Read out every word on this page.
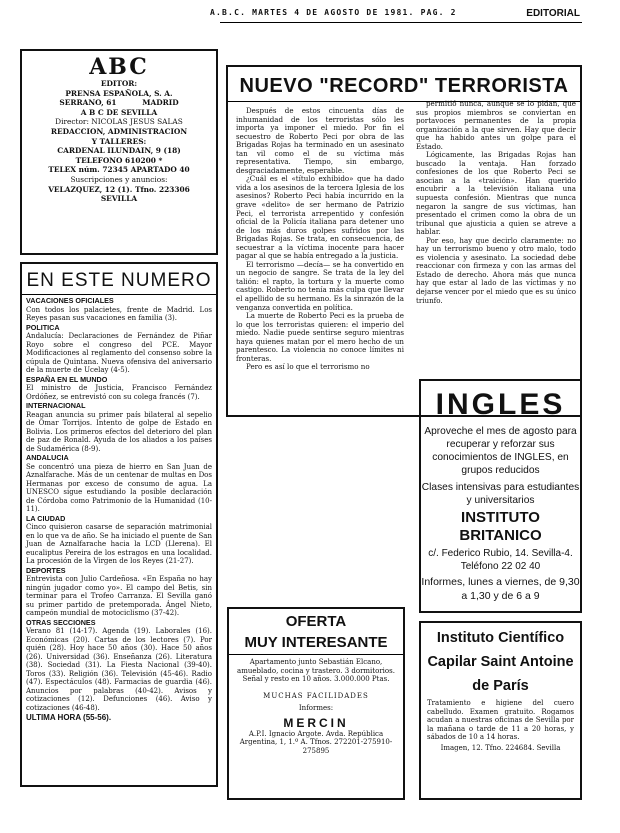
A.B.C. MARTES 4 DE AGOSTO DE 1981. PAG. 2	EDITORIAL
ABC
EDITOR:
PRENSA ESPAÑOLA, S. A.
SERRANO, 61          MADRID
A B C DE SEVILLA
Director: NICOLAS JESUS SALAS
REDACCION, ADMINISTRACION
Y TALLERES:
CARDENAL ILUNDAIN, 9 (18)
TELEFONO 610200 *
TELEX núm. 72345 APARTADO 40
Suscripciones y anuncios:
VELAZQUEZ, 12 (1). Tfno. 223306
SEVILLA
EN ESTE NUMERO
VACACIONES OFICIALES
Con todos los palacietes, frente de Madrid. Los Reyes pasan sus vacaciones en familia (3).
POLITICA
Andalucía: Declaraciones de Fernández de Piñar Royo sobre el congreso del PCE. Mayor Modificaciones al reglamento del consenso sobre la cúpula de Quintana. Nueva ofensiva del aniversario de la muerte de Ucelay (4-5).
ESPAÑA EN EL MUNDO
El ministro de Justicia, Francisco Fernández Ordóñez, se entrevistó con su colega francés (7).
INTERNACIONAL
Reagan anuncia su primer país bilateral al sepelio de Omar Torrijos. Intento de golpe de Estado en Bolivia. Los primeros efectos del deterioro del plan de paz de Ronald. Ayuda de los aliados a los países de Sudamérica (8-9).
ANDALUCIA
Se concentró una pieza de hierro en San Juan de Aznalfarache. Más de un centenar de multas en Dos Hermanas por exceso de consumo de agua. La UNESCO sigue estudiando la posible declaración de Córdoba como Patrimonio de la Humanidad (10-11).
LA CIUDAD
Cinco quisieron casarse de separación matrimonial en lo que va de año. Se ha iniciado el puente de San Juan de Aznalfarache hacia la LCD (Llerena). El eucaliptus Pereira de los estragos en una localidad. La procesión de la Virgen de los Reyes (21-27).
DEPORTES
Entrevista con Julio Cardeñosa. «En España no hay ningún jugador como yo». El campo del Betis, sin terminar para el Trofeo Carranza. El Sevilla ganó su primer partido de pretemporada. Ángel Nieto, campeón mundial de motociclismo (37-42).
OTRAS SECCIONES
Verano 81 (14-17). Agenda (19). Laborales (16). Económicas (20). Cartas de los lectores (7). Por quién (28). Hoy hace 50 años (30). Hace 50 años (26). Universidad (36). Enseñanza (26). Literatura (38). Sociedad (31). La Fiesta Nacional (39-40). Toros (33). Religión (36). Televisión (45-46). Radio (47). Espectáculos (48). Farmacias de guardia (46). Anuncios por palabras (40-42). Avisos y cotizaciones (12). Defunciones (46). Aviso y cotizaciones (46-48).
ULTIMA HORA (55-56).
NUEVO "RECORD" TERRORISTA

Después de estos cincuenta días de inhumanidad de los terroristas sólo les importa ya imponer el miedo. Por fin el secuestro de Roberto Peci por obra de las Brigadas Rojas ha terminado en un asesinato tan vil como el de su víctima más representativa. Tiempo, sin embargo, desgraciadamente, esperable.

¿Cuál es el «título exhibido» que ha dado vida a los asesinos de la tercera Iglesia de los asesinos? Roberto Peci había incurrido en la grave «delito» de ser hermano de Patrizio Peci, el terrorista arrepentido y confesión oficial de la Policía italiana para detener uno de los más duros golpes sufridos por las Brigadas Rojas. Se trata, en consecuencia, de secuestrar a la víctima inocente para hacer pagar al que se había entregado a la justicia.

El terrorismo —decía— se ha convertido en un negocio de sangre. Se trata de la ley del talión: el rapto, la tortura y la muerte como castigo. Roberto no tenía más culpa que llevar el apellido de su hermano. Es la sinrazón de la venganza convertida en política.

La muerte de Roberto Peci es la prueba de lo que los terroristas quieren: el imperio del miedo. Nadie puede sentirse seguro mientras haya quienes matan por el mero hecho de un parentesco. La violencia no conoce límites ni fronteras.

Pero es así lo que el terrorismo no

permitió nunca, aunque se lo pidan, que sus propios miembros se conviertan en portavoces permanentes de la propia organización a la que sirven. Hay que decir que ha habido antes un golpe para el Estado.

Lógicamente, las Brigadas Rojas han buscado la ventaja. Han forzado confesiones de los que Roberto Peci se asocian a la «traición». Han querido encubrir a la televisión italiana una supuesta confesión. Mientras que nunca negaron la sangre de sus víctimas, han presentado el crimen como la obra de un tribunal que ajusticia a quien se atreve a hablar.

Por eso, hay que decirlo claramente: no hay un terrorismo bueno y otro malo, todo es violencia y asesinato. La sociedad debe reaccionar con firmeza y con las armas del Estado de derecho. Ahora más que nunca hay que estar al lado de las víctimas y no dejarse vencer por el miedo que es su único triunfo.

INGLES
Aproveche el mes de agosto para recuperar y reforzar sus conocimientos de INGLES, en grupos reducidos
Clases intensivas para estudiantes y universitarios
INSTITUTO BRITANICO
c/. Federico Rubio, 14. Sevilla-4. Teléfono 22 02 40
Informes, lunes a viernes, de 9,30 a 1,30 y de 6 a 9
OFERTA
MUY INTERESANTE
Apartamento junto Sebastián Elcano, amueblado, cocina y trastero. 3 dormitorios. Señal y resto en 10 años. 3.000.000 Ptas.
MUCHAS FACILIDADES
Informes:
MERCIN
A.P.I. Ignacio Argote. Avda. República Argentina, 1, 1.º A. Tfnos. 272201-275910-275895
Instituto Científico
Capilar Saint Antoine
de París
Tratamiento e higiene del cuero cabelludo. Examen gratuito. Rogamos acudan a nuestras oficinas de Sevilla por la mañana o tarde de 11 a 20 horas, y sábados de 10 a 14 horas.
Imagen, 12. Tfno. 224684. Sevilla
